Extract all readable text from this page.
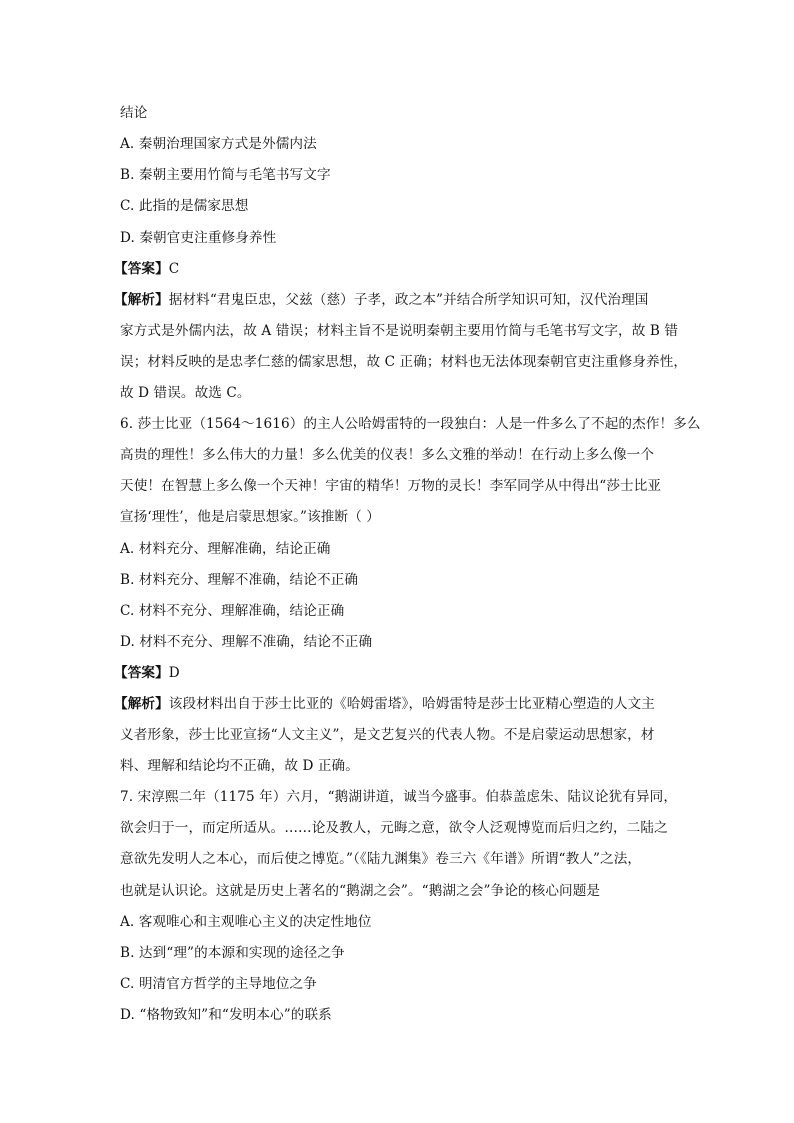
结论
A. 秦朝治理国家方式是外儒内法
B. 秦朝主要用竹简与毛笔书写文字
C. 此指的是儒家思想
D. 秦朝官吏注重修身养性
【答案】C
【解析】据材料“君鬼臣忠，父兹（慈）子孝，政之本”并结合所学知识可知，汉代治理国
家方式是外儒内法，故 A 错误；材料主旨不是说明秦朝主要用竹简与毛笔书写文字，故 B 错
误；材料反映的是忠孝仁慈的儒家思想，故 C 正确；材料也无法体现秦朝官吏注重修身养性，
故 D 错误。故选 C。
6. 莎士比亚（1564～1616）的主人公哈姆雷特的一段独白：人是一件多么了不起的杰作！多么
高贵的理性！多么伟大的力量！多么优美的仪表！多么文雅的举动！在行动上多么像一个
天使！在智慧上多么像一个天神！宇宙的精华！万物的灵长！李军同学从中得出“莎士比亚
宣扬‘理性’，他是启蒙思想家。”该推断（ ）
A. 材料充分、理解准确，结论正确
B. 材料充分、理解不准确，结论不正确
C. 材料不充分、理解准确，结论正确
D. 材料不充分、理解不准确，结论不正确
【答案】D
【解析】该段材料出自于莎士比亚的《哈姆雷塔》，哈姆雷特是莎士比亚精心塑造的人文主
义者形象，莎士比亚宣扬“人文主义”，是文艺复兴的代表人物。不是启蒙运动思想家，材
料、理解和结论均不正确，故 D 正确。
7. 宋淳熙二年（1175 年）六月，“鹅湖讲道，诚当今盛事。伯恭盖虑朱、陆议论犹有异同，
欲会归于一，而定所适从。……论及教人，元晦之意，欲令人泛观博览而后归之约，二陆之
意欲先发明人之本心，而后使之博览。”（《陆九渊集》卷三六《年谱》所谓“教人”之法，
也就是认识论。这就是历史上著名的“鹅湖之会”。“鹅湖之会”争论的核心问题是
A. 客观唯心和主观唯心主义的决定性地位
B. 达到“理”的本源和实现的途径之争
C. 明清官方哲学的主导地位之争
D. “格物致知”和“发明本心”的联系
